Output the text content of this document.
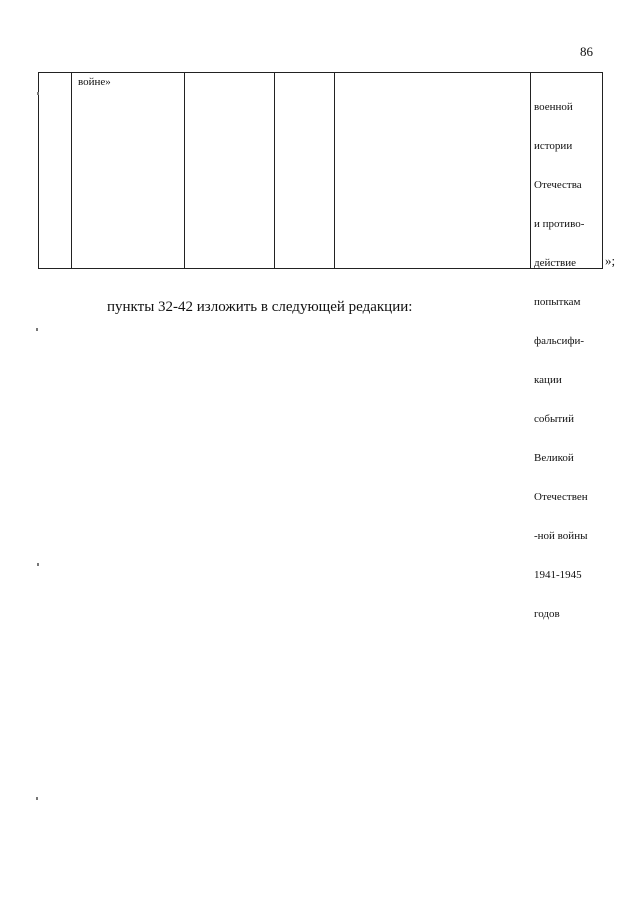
86
войне»

военной

истории

Отечества

и противо-

действие

попыткам

фальсифи-

кации

событий

Великой

Отечествен

-ной войны

1941-1945

годов

»;
пункты 32-42 изложить в следующей редакции:
